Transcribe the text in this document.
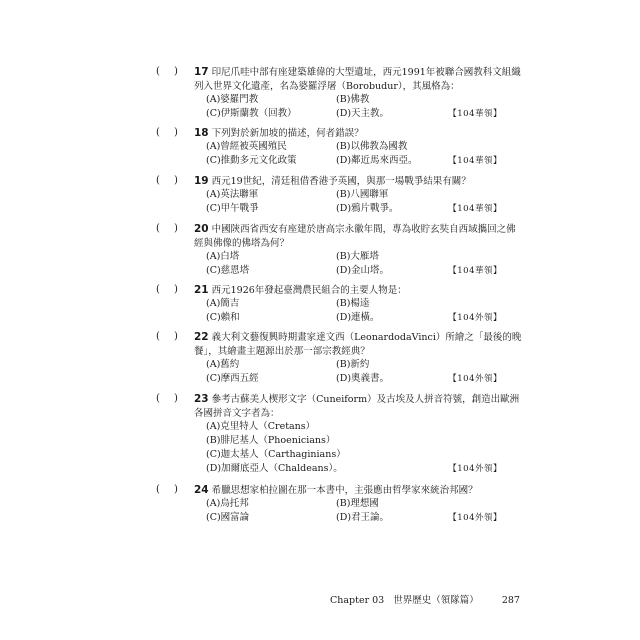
( ) 17 印尼爪哇中部有座建築雄偉的大型遺址，西元1991年被聯合國教科文組織
列入世界文化遺產，名為婆羅浮屠（Borobudur），其風格為：
(A)婆羅門教	(B)佛教
(C)伊斯蘭教（回教）	(D)天主教。	【104華領】
( ) 18 下列對於新加坡的描述，何者錯誤？
(A)曾經被英國殖民	(B)以佛教為國教
(C)推動多元文化政策	(D)鄰近馬來西亞。	【104華領】
( ) 19 西元19世紀，清廷租借香港予英國，與那一場戰爭結果有關？
(A)英法聯軍	(B)八國聯軍
(C)甲午戰爭	(D)鴉片戰爭。	【104華領】
( ) 20 中國陝西省西安有座建於唐高宗永徽年間，專為收貯玄奘自西域攜回之佛
經與佛像的佛塔為何？
(A)白塔	(B)大雁塔
(C)慈恩塔	(D)金山塔。	【104華領】
( ) 21 西元1926年發起臺灣農民組合的主要人物是：
(A)簡吉	(B)楊逵
(C)賴和	(D)連橫。	【104外領】
( ) 22 義大利文藝復興時期畫家達文西（LeonardodaVinci）所繪之「最後的晚
餐」，其繪畫主題源出於那一部宗教經典？
(A)舊約	(B)新約
(C)摩西五經	(D)奧義書。	【104外領】
( ) 23 參考古蘇美人楔形文字（Cuneiform）及古埃及人拼音符號，創造出歐洲
各國拼音文字者為：
(A)克里特人（Cretans）
(B)腓尼基人（Phoenicians）
(C)迦太基人（Carthaginians）
(D)加爾底亞人（Chaldeans）。	【104外領】
( ) 24 希臘思想家柏拉圖在那一本書中，主張應由哲學家來統治邦國？
(A)烏托邦	(B)理想國
(C)國富論	(D)君王論。	【104外領】
Chapter 03 世界歷史（領隊篇） 287
